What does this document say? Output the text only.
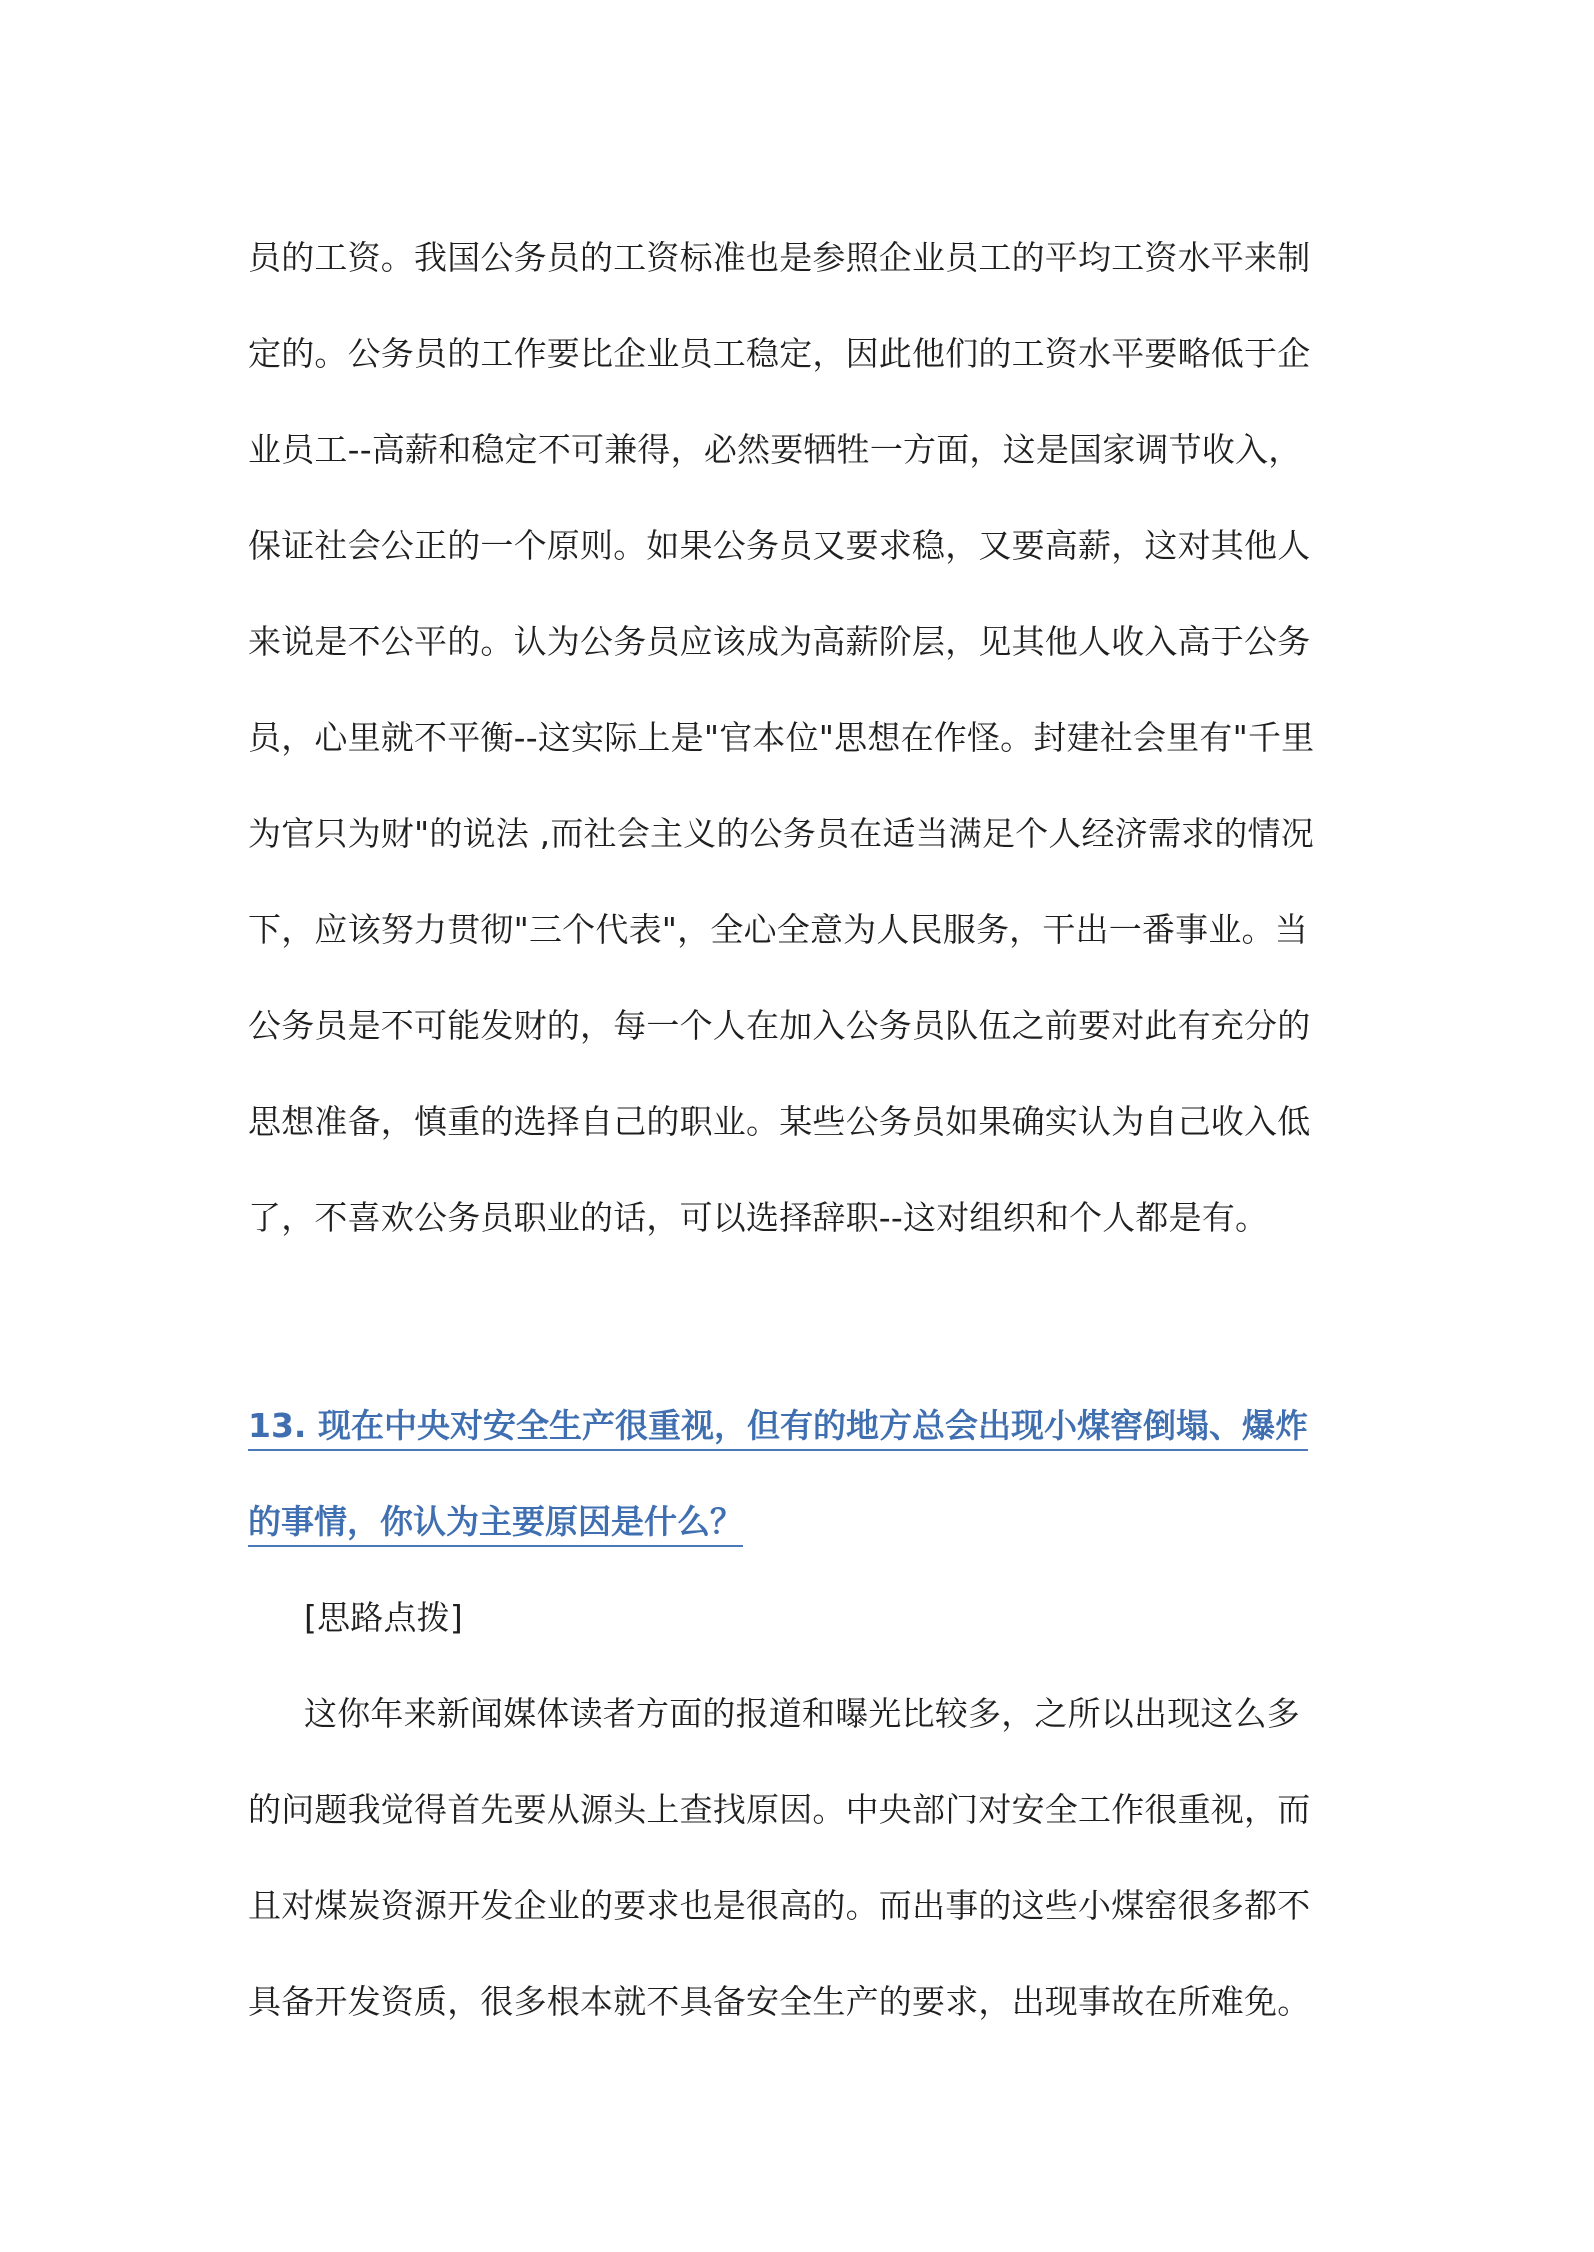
员的工资。我国公务员的工资标准也是参照企业员工的平均工资水平来制
定的。公务员的工作要比企业员工稳定，因此他们的工资水平要略低于企
业员工--高薪和稳定不可兼得，必然要牺牲一方面，这是国家调节收入，
保证社会公正的一个原则。如果公务员又要求稳，又要高薪，这对其他人
来说是不公平的。认为公务员应该成为高薪阶层，见其他人收入高于公务
员，心里就不平衡--这实际上是"官本位"思想在作怪。封建社会里有"千里
为官只为财"的说法 ,而社会主义的公务员在适当满足个人经济需求的情况
下，应该努力贯彻"三个代表"，全心全意为人民服务，干出一番事业。当
公务员是不可能发财的，每一个人在加入公务员队伍之前要对此有充分的
思想准备，慎重的选择自己的职业。某些公务员如果确实认为自己收入低
了，不喜欢公务员职业的话，可以选择辞职--这对组织和个人都是有。
13. 现在中央对安全生产很重视，但有的地方总会出现小煤窖倒塌、爆炸
的事情，你认为主要原因是什么？
[思路点拨]
这你年来新闻媒体读者方面的报道和曝光比较多，之所以出现这么多
的问题我觉得首先要从源头上查找原因。中央部门对安全工作很重视，而
且对煤炭资源开发企业的要求也是很高的。而出事的这些小煤窑很多都不
具备开发资质，很多根本就不具备安全生产的要求，出现事故在所难免。
